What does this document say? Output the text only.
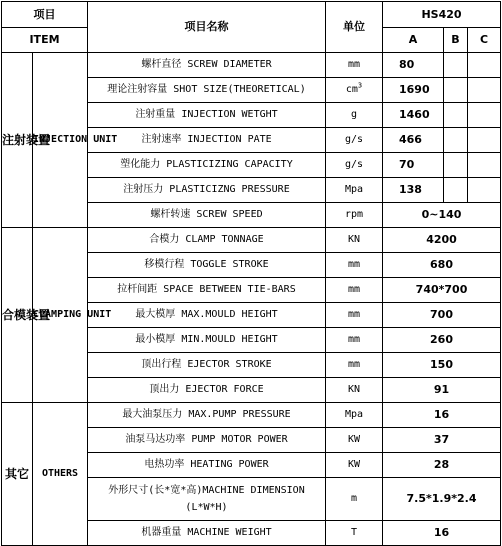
项目		项目名称	单位	HS420		
ITEM				A	B	C
注射装置	INJECTION UNIT	螺杆直径 SCREW DIAMETER	mm	80		
		理论注射容量 SHOT SIZE(THEORETICAL)	$cm^3$	1690		
		注射重量 INJECTION WETGHT	g	1460		
		注射速率 INJECTION PATE	g/s	466		
		塑化能力 PLASTICIZING CAPACITY	g/s	70		
		注射压力 PLASTICIZNG PRESSURE	Mpa	138		
		螺杆转速 SCREW SPEED	rpm	0~140		
合模装置	CLAMPING UNIT	合模力 CLAMP TONNAGE	KN	4200		
		移模行程 TOGGLE STROKE	mm	680		
		拉杆间距 SPACE BETWEEN TIE-BARS	mm	740*700		
		最大模厚 MAX.MOULD HEIGHT	mm	700		
		最小模厚 MIN.MOULD HEIGHT	mm	260		
		顶出行程 EJECTOR STROKE	mm	150		
		顶出力 EJECTOR FORCE	KN	91		
其它	OTHERS	最大油泵压力 MAX.PUMP PRESSURE	Mpa	16		
		油泵马达功率 PUMP MOTOR POWER	KW	37		
		电热功率 HEATING POWER	KW	28		
		外形尺寸(长*宽*高)MACHINE DIMENSION (L*W*H)	m	7.5*1.9*2.4		
		机器重量 MACHINE WEIGHT	T	16		
